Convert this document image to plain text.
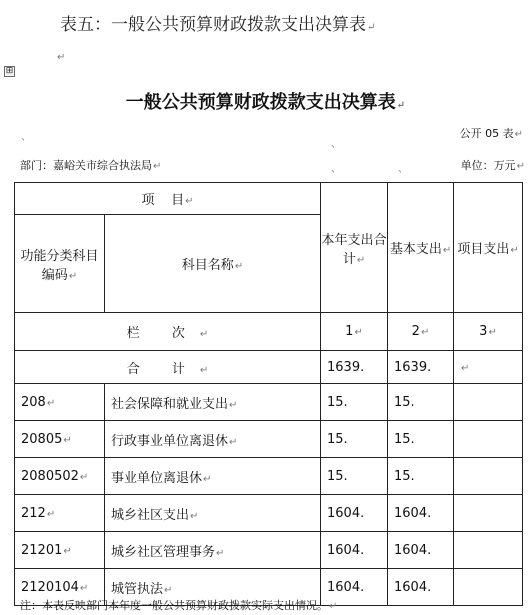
表五：一般公共预算财政拨款支出决算表↵
⊞
↵
一般公共预算财政拨款支出决算表↵
、
、
、	、
公开 05 表↵
部门：嘉峪关市综合执法局↵	单位：万元↵
项    目↵		本年支出合计↵	基本支出↵	项目支出↵
功能分类科目编码↵	科目名称↵			
栏 次↵		1↵	2↵	3↵
合 计↵		1639.	1639.	↵
208↵	社会保障和就业支出↵	15.	15.	
20805↵	行政事业单位离退休↵	15.	15.	
2080502↵	事业单位离退休↵	15.	15.	
212↵	城乡社区支出↵	1604.	1604.	
21201↵	城乡社区管理事务↵	1604.	1604.	
2120104↵	城管执法↵	1604.	1604.	
注：本表反映部门本年度一般公共预算财政拨款实际支出情况。↵
